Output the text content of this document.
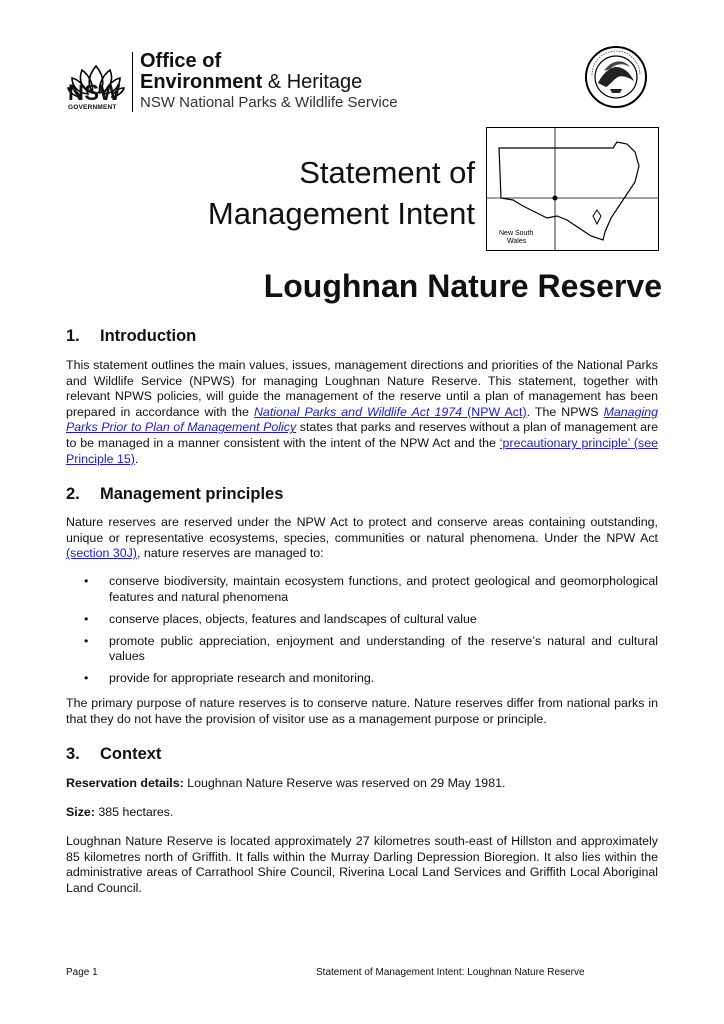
NSW
GOVERNMENT
Office of
Environment & Heritage
NSW National Parks & Wildlife Service
Statement of
Management Intent
New South
Wales
Loughnan Nature Reserve
1. Introduction
This statement outlines the main values, issues, management directions and priorities of the National Parks and Wildlife Service (NPWS) for managing Loughnan Nature Reserve. This statement, together with relevant NPWS policies, will guide the management of the reserve until a plan of management has been prepared in accordance with the National Parks and Wildlife Act 1974 (NPW Act). The NPWS Managing Parks Prior to Plan of Management Policy states that parks and reserves without a plan of management are to be managed in a manner consistent with the intent of the NPW Act and the ‘precautionary principle’ (see Principle 15).
2. Management principles
Nature reserves are reserved under the NPW Act to protect and conserve areas containing outstanding, unique or representative ecosystems, species, communities or natural phenomena. Under the NPW Act (section 30J), nature reserves are managed to:
• conserve biodiversity, maintain ecosystem functions, and protect geological and geomorphological features and natural phenomena
• conserve places, objects, features and landscapes of cultural value
• promote public appreciation, enjoyment and understanding of the reserve’s natural and cultural values
• provide for appropriate research and monitoring.
The primary purpose of nature reserves is to conserve nature. Nature reserves differ from national parks in that they do not have the provision of visitor use as a management purpose or principle.
3. Context
Reservation details: Loughnan Nature Reserve was reserved on 29 May 1981.
Size: 385 hectares.
Loughnan Nature Reserve is located approximately 27 kilometres south-east of Hillston and approximately 85 kilometres north of Griffith. It falls within the Murray Darling Depression Bioregion. It also lies within the administrative areas of Carrathool Shire Council, Riverina Local Land Services and Griffith Local Aboriginal Land Council.
Page 1	Statement of Management Intent: Loughnan Nature Reserve
